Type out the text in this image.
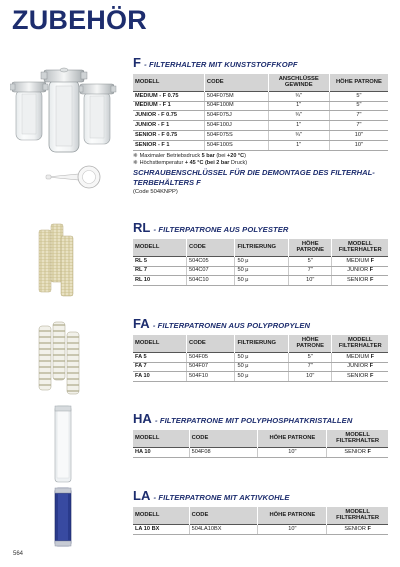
ZUBEHÖR
F - FILTERHALTER MIT KUNSTSTOFFKOPF
MODELL	CODE	ANSCHLÜSSE GEWINDE	HÖHE PATRONE
MEDIUM - F 0.75	504F075M	¾"	5"
MEDIUM - F 1	504F100M	1"	5"
JUNIOR - F 0.75	504F075J	¾"	7"
JUNIOR - F 1	504F100J	1"	7"
SENIOR - F 0.75	504F075S	¾"	10"
SENIOR - F 1	504F100S	1"	10"
❋ Maximaler Betriebsdruck 5 bar (bei +20 °C)
❋ Höchsttemperatur + 45 °C (bei 2 bar Druck)
SCHRAUBENSCHLÜSSEL FÜR DIE DEMONTAGE DES FILTERHAL-TERBEHÄLTERS F
(Code 504KNPP)
RL - FILTERPATRONE AUS POLYESTER
MODELL	CODE	FILTRIERUNG	HÖHE PATRONE	MODELL FILTERHALTER
RL 5	504C05	50 μ	5"	MEDIUM F
RL 7	504C07	50 μ	7"	JUNIOR F
RL 10	504C10	50 μ	10"	SENIOR F
FA - FILTERPATRONEN AUS POLYPROPYLEN
MODELL	CODE	FILTRIERUNG	HÖHE PATRONE	MODELL FILTERHALTER
FA 5	504F05	50 μ	5"	MEDIUM F
FA 7	504F07	50 μ	7"	JUNIOR F
FA 10	504F10	50 μ	10"	SENIOR F
HA - FILTERPATRONE MIT POLYPHOSPHATKRISTALLEN
MODELL	CODE	HÖHE PATRONE	MODELL FILTERHALTER
HA 10	504F08	10"	SENIOR F
LA - FILTERPATRONE MIT AKTIVKOHLE
MODELL	CODE	HÖHE PATRONE	MODELL FILTERHALTER
LA 10 BX	504LA10BX	10"	SENIOR F
564
